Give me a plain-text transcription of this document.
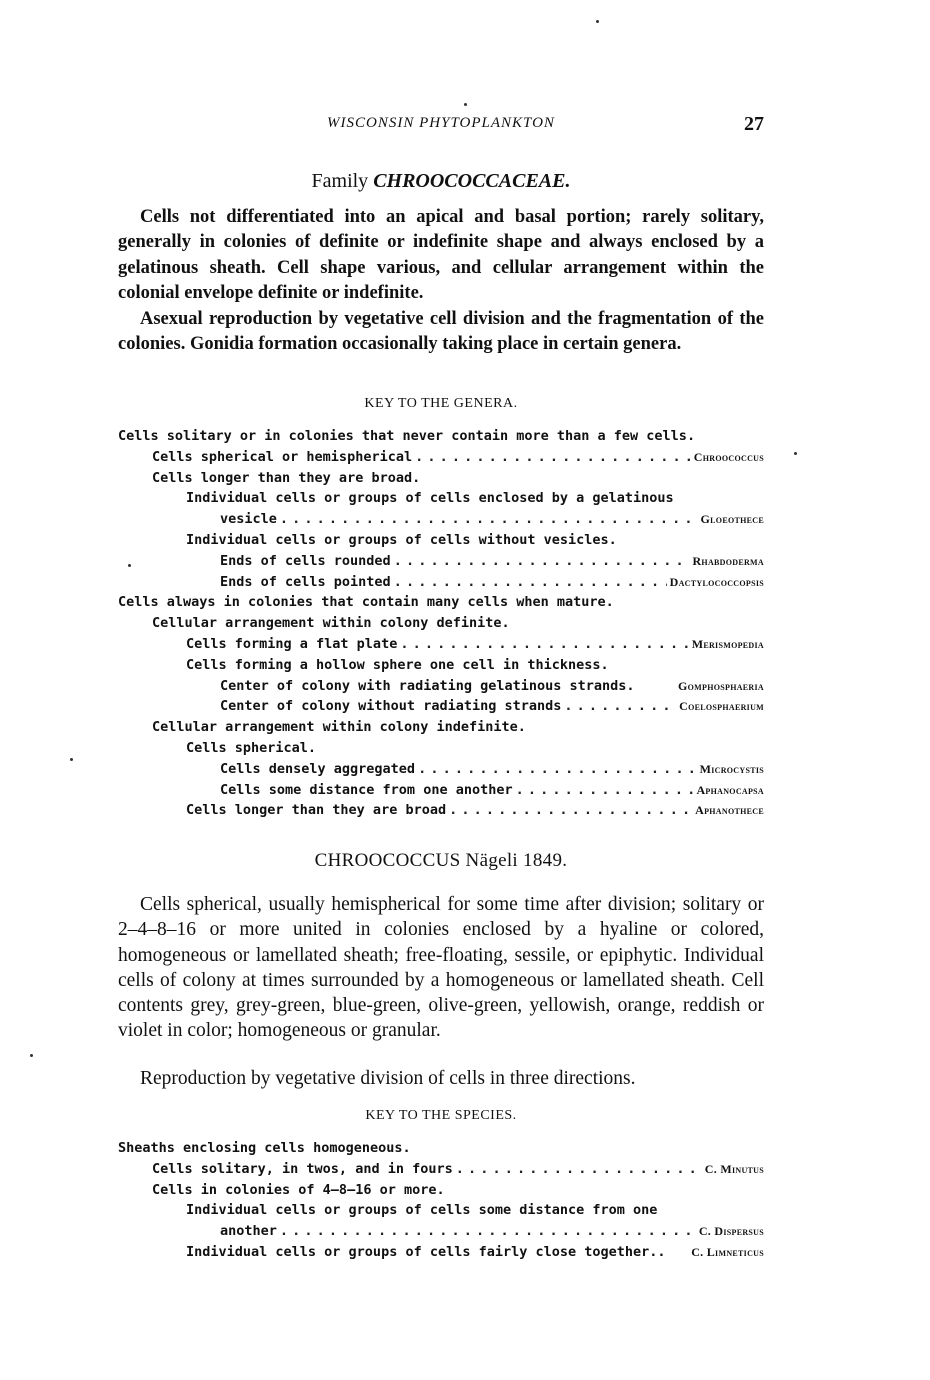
WISCONSIN PHYTOPLANKTON	27
Family CHROOCOCCACEAE.

Cells not differentiated into an apical and basal portion; rarely solitary, generally in colonies of definite or indefinite shape and always enclosed by a gelatinous sheath. Cell shape various, and cellular arrangement within the colonial envelope definite or indefinite.

Asexual reproduction by vegetative cell division and the fragmentation of the colonies. Gonidia formation occasionally taking place in certain genera.

KEY TO THE GENERA.
Cells solitary or in colonies that never contain more than a few cells.
Cells spherical or hemispherical . . .	Chroococcus
Cells longer than they are broad.
Individual cells or groups of cells enclosed by a gelatinous
vesicle . . .	Gloeothece
Individual cells or groups of cells without vesicles.
Ends of cells rounded . . .	Rhabdoderma
Ends of cells pointed . . .	Dactylococcopsis
Cells always in colonies that contain many cells when mature.
Cellular arrangement within colony definite.
Cells forming a flat plate . . .	Merismopedia
Cells forming a hollow sphere one cell in thickness.
Center of colony with radiating gelatinous strands.	Gomphosphaeria
Center of colony without radiating strands . . .	Coelosphaerium
Cellular arrangement within colony indefinite.
Cells spherical.
Cells densely aggregated . . .	Microcystis
Cells some distance from one another . . .	Aphanocapsa
Cells longer than they are broad . . .	Aphanothece
CHROOCOCCUS Nägeli 1849.

Cells spherical, usually hemispherical for some time after division; solitary or 2–4–8–16 or more united in colonies enclosed by a hyaline or colored, homogeneous or lamellated sheath; free-floating, sessile, or epiphytic. Individual cells of colony at times surrounded by a homogeneous or lamellated sheath. Cell contents grey, grey-green, blue-green, olive-green, yellowish, orange, reddish or violet in color; homogeneous or granular.

Reproduction by vegetative division of cells in three directions.

KEY TO THE SPECIES.
Sheaths enclosing cells homogeneous.
Cells solitary, in twos, and in fours . . .	C. Minutus
Cells in colonies of 4–8–16 or more.
Individual cells or groups of cells some distance from one
another . . .	C. Dispersus
Individual cells or groups of cells fairly close together.. C. Limneticus
